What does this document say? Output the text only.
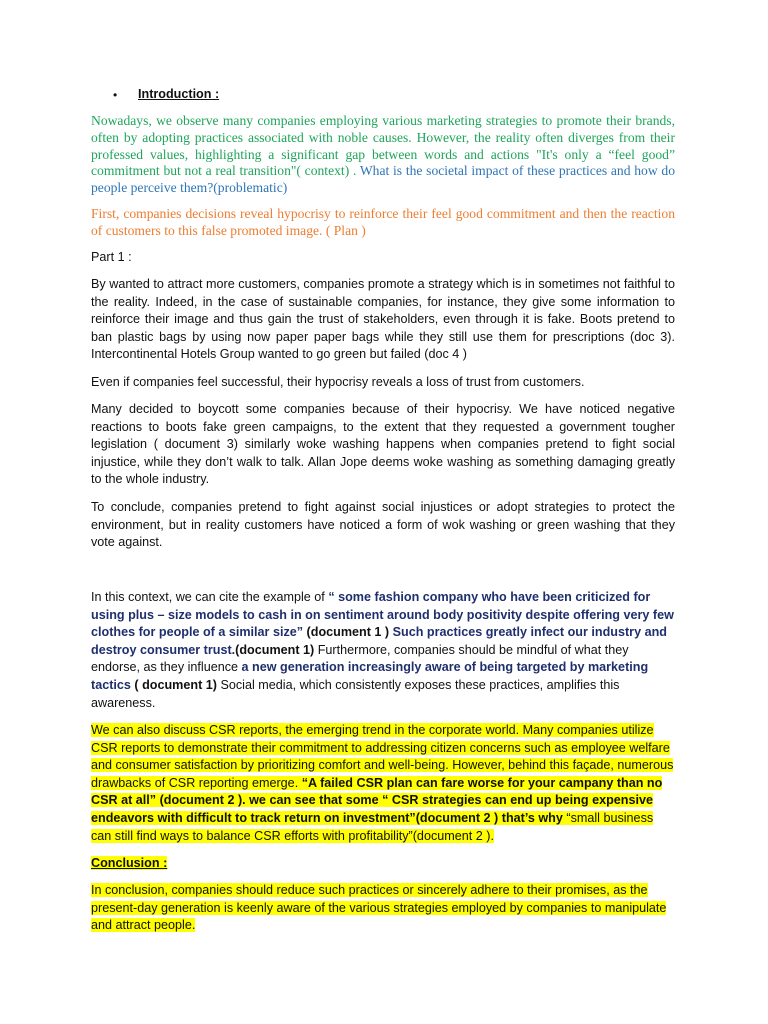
• Introduction :

Nowadays, we observe many companies employing various marketing strategies to promote their brands, often by adopting practices associated with noble causes. However, the reality often diverges from their professed values, highlighting a significant gap between words and actions "It's only a “feel good” commitment but not a real transition"( context) . What is the societal impact of these practices and how do people perceive them?(problematic)

First, companies decisions reveal hypocrisy to reinforce their feel good commitment and then the reaction of customers to this false promoted image. ( Plan )

Part 1 :

By wanted to attract more customers, companies promote a strategy which is in sometimes not faithful to the reality. Indeed, in the case of sustainable companies, for instance, they give some information to reinforce their image and thus gain the trust of stakeholders, even through it is fake. Boots pretend to ban plastic bags by using now paper paper bags while they still use them for prescriptions (doc 3). Intercontinental Hotels Group wanted to go green but failed (doc 4 )

Even if companies feel successful, their hypocrisy reveals a loss of trust from customers.

Many decided to boycott some companies because of their hypocrisy. We have noticed negative reactions to boots fake green campaigns, to the extent that they requested a government tougher legislation ( document 3) similarly woke washing happens when companies pretend to fight social injustice, while they don’t walk to talk. Allan Jope deems woke washing as something damaging greatly to the whole industry.

To conclude, companies pretend to fight against social injustices or adopt strategies to protect the environment, but in reality customers have noticed a form of wok washing or green washing that they vote against.

In this context, we can cite the example of “ some fashion company who have been criticized for using plus – size models to cash in on sentiment around body positivity despite offering very few clothes for people of a similar size” (document 1 ) Such practices greatly infect our industry and destroy consumer trust.(document 1) Furthermore, companies should be mindful of what they endorse, as they influence a new generation increasingly aware of being targeted by marketing tactics ( document 1) Social media, which consistently exposes these practices, amplifies this awareness.

We can also discuss CSR reports, the emerging trend in the corporate world. Many companies utilize CSR reports to demonstrate their commitment to addressing citizen concerns such as employee welfare and consumer satisfaction by prioritizing comfort and well-being. However, behind this façade, numerous drawbacks of CSR reporting emerge. “A failed CSR plan can fare worse for your campany than no CSR at all” (document 2 ). we can see that some “ CSR strategies can end up being expensive endeavors with difficult to track return on investment”(document 2 ) that’s why “small business can still find ways to balance CSR efforts with profitability”(document 2 ).

Conclusion :

In conclusion, companies should reduce such practices or sincerely adhere to their promises, as the present-day generation is keenly aware of the various strategies employed by companies to manipulate and attract people.
